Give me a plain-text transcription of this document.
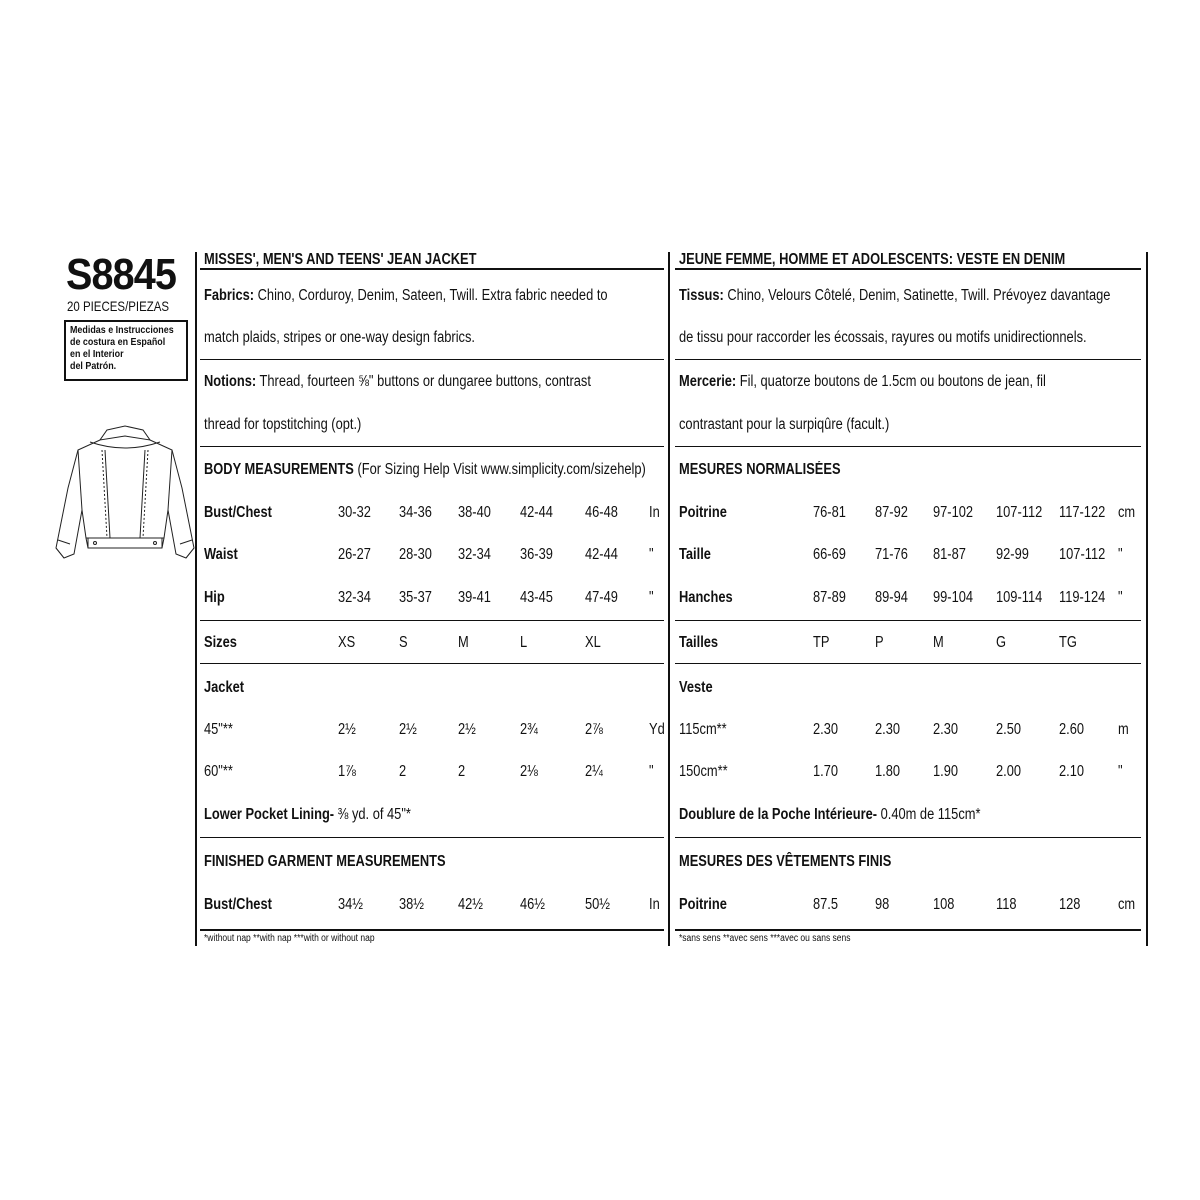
S8845
20 PIECES/PIEZAS
Medidas e Instrucciones
de costura en Español
en el Interior
del Patrón.
MISSES', MEN'S AND TEENS' JEAN JACKET
Fabrics: Chino, Corduroy, Denim, Sateen, Twill. Extra fabric needed to
match plaids, stripes or one-way design fabrics.
Notions: Thread, fourteen ⅝" buttons or dungaree buttons, contrast
thread for topstitching (opt.)
BODY MEASUREMENTS (For Sizing Help Visit www.simplicity.com/sizehelp)
JEUNE FEMME, HOMME ET ADOLESCENTS: VESTE EN DENIM
Tissus: Chino, Velours Côtelé, Denim, Satinette, Twill. Prévoyez davantage
de tissu pour raccorder les écossais, rayures ou motifs unidirectionnels.
Mercerie: Fil, quatorze boutons de 1.5cm ou boutons de jean, fil
contrastant pour la surpiqûre (facult.)
MESURES NORMALISÉES
Bust/Chest	30-32 34-36 38-40 42-44 46-48 In
Waist	26-27 28-30 32-34 36-39 42-44 "
Hip	32-34 35-37 39-41 43-45 47-49 "
Sizes	XS	S	M	L	XL
Jacket
45"**	2½	2½	2½	2¾	2⅞	Yd
60"**	1⅞	2	2	2⅛	2¼	"
Lower Pocket Lining- ⅜ yd. of 45"*
FINISHED GARMENT MEASUREMENTS
Bust/Chest	34½ 38½ 42½ 46½	50½	In
Poitrine	76-81 87-92 97-102 107-112 117-122 cm
Taille	66-69 71-76 81-87 92-99 107-112 "
Hanches	87-89 89-94 99-104 109-114 119-124 "
Tailles	TP	P	M	G	TG
Veste
115cm**	2.30 2.30 2.30 2.50 2.60 m
150cm**	1.70 1.80 1.90 2.00 2.10 "
Doublure de la Poche Intérieure- 0.40m de 115cm*
MESURES DES VÊTEMENTS FINIS
Poitrine	87.5 98	108	118	128 cm
*without nap **with nap ***with or without nap	*sans sens **avec sens ***avec ou sans sens
